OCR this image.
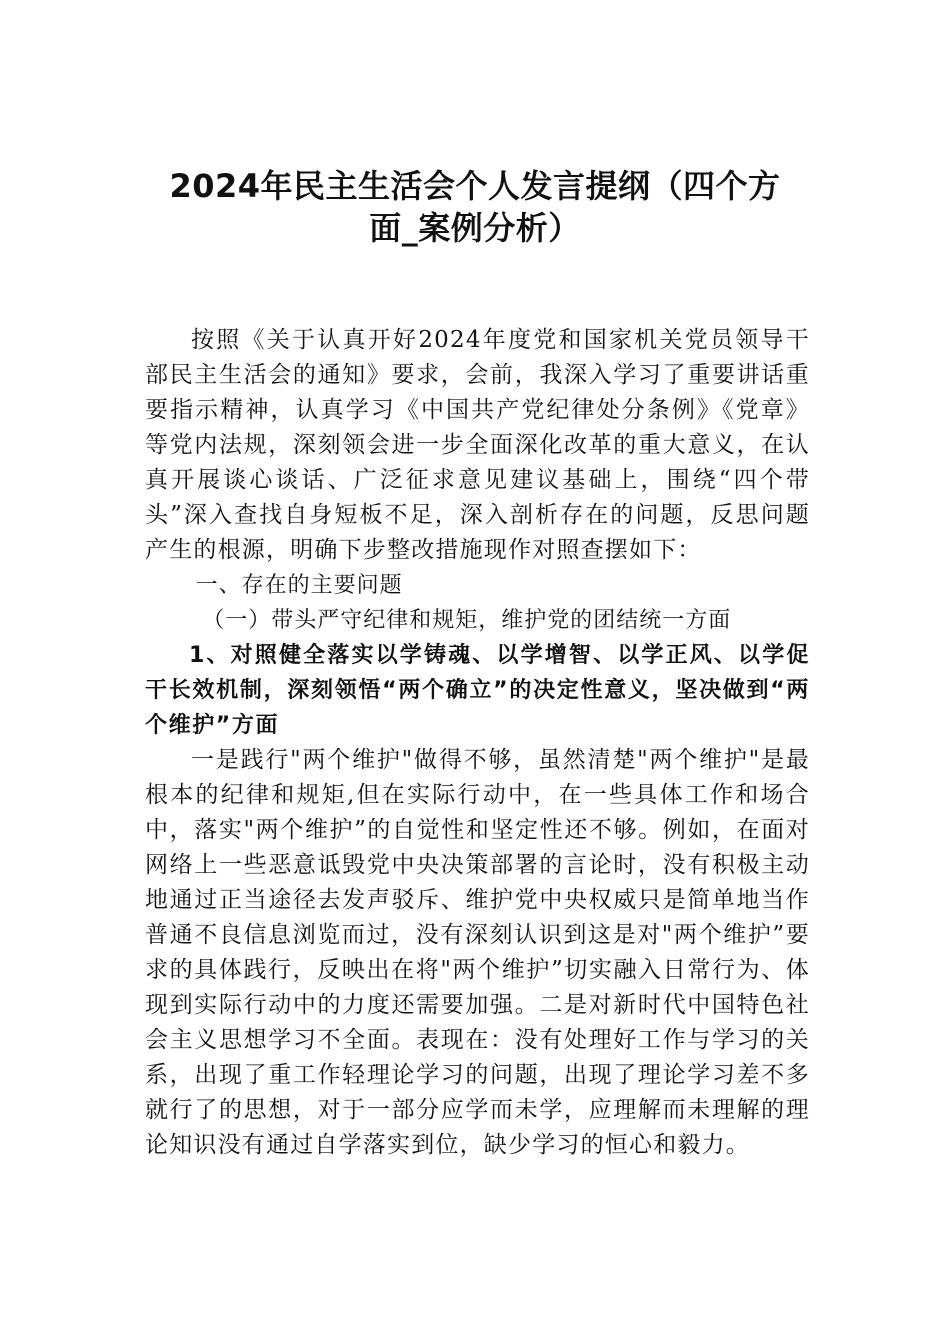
2024年民主生活会个人发言提纲（四个方
面_案例分析）

按照《关于认真开好2024年度党和国家机关党员领导干部民主生活会的通知》要求，会前，我深入学习了重要讲话重要指示精神，认真学习《中国共产党纪律处分条例》《党章》等党内法规，深刻领会进一步全面深化改革的重大意义，在认真开展谈心谈话、广泛征求意见建议基础上，围绕“四个带头”深入查找自身短板不足，深入剖析存在的问题，反思问题产生的根源，明确下步整改措施现作对照查摆如下：

一、存在的主要问题

（一）带头严守纪律和规矩，维护党的团结统一方面

1、对照健全落实以学铸魂、以学增智、以学正风、以学促干长效机制，深刻领悟“两个确立”的决定性意义，坚决做到“两个维护”方面

一是践行"两个维护"做得不够，虽然清楚"两个维护"是最根本的纪律和规矩,但在实际行动中，在一些具体工作和场合中，落实"两个维护”的自觉性和坚定性还不够。例如，在面对网络上一些恶意诋毁党中央决策部署的言论时，没有积极主动地通过正当途径去发声驳斥、维护党中央权威只是简单地当作普通不良信息浏览而过，没有深刻认识到这是对"两个维护”要求的具体践行，反映出在将"两个维护”切实融入日常行为、体现到实际行动中的力度还需要加强。二是对新时代中国特色社会主义思想学习不全面。表现在：没有处理好工作与学习的关系，出现了重工作轻理论学习的问题，出现了理论学习差不多就行了的思想，对于一部分应学而未学，应理解而未理解的理论知识没有通过自学落实到位，缺少学习的恒心和毅力。
